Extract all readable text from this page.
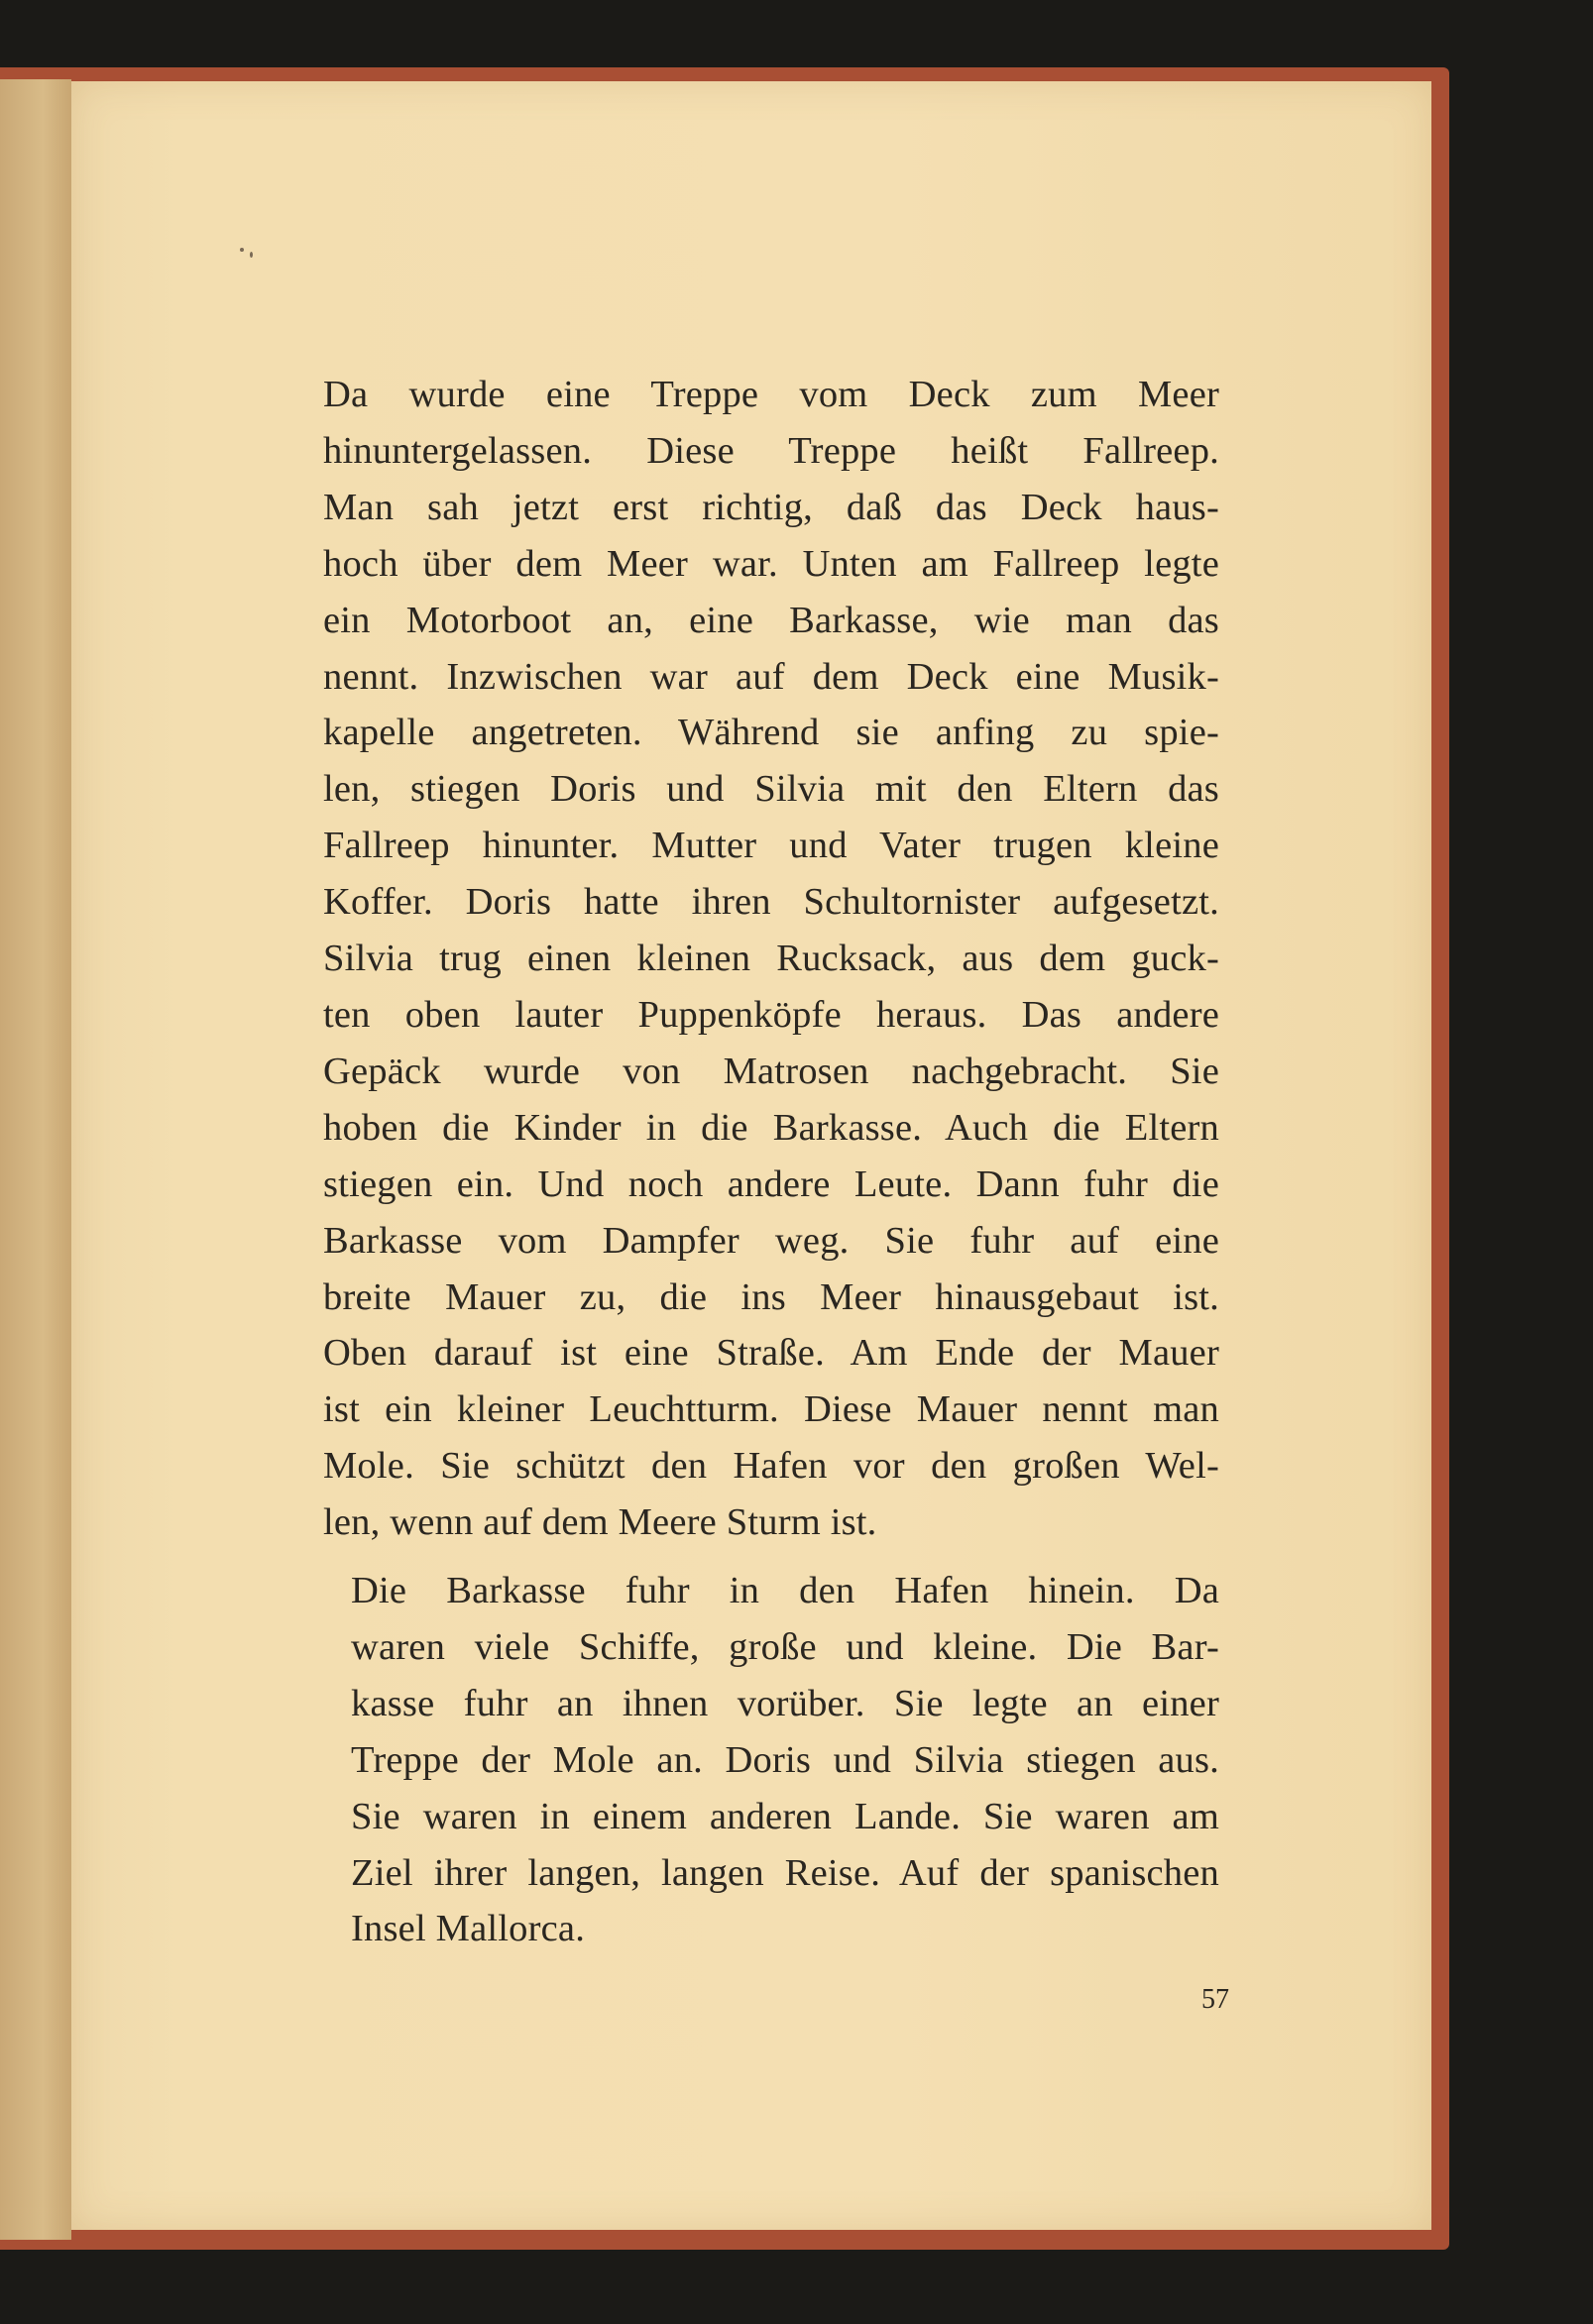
Da wurde eine Treppe vom Deck zum Meer
hinuntergelassen. Diese Treppe heißt Fallreep.
Man sah jetzt erst richtig, daß das Deck haus-
hoch über dem Meer war. Unten am Fallreep legte
ein Motorboot an, eine Barkasse, wie man das
nennt. Inzwischen war auf dem Deck eine Musik-
kapelle angetreten. Während sie anfing zu spie-
len, stiegen Doris und Silvia mit den Eltern das
Fallreep hinunter. Mutter und Vater trugen kleine
Koffer. Doris hatte ihren Schultornister aufgesetzt.
Silvia trug einen kleinen Rucksack, aus dem guck-
ten oben lauter Puppenköpfe heraus. Das andere
Gepäck wurde von Matrosen nachgebracht. Sie
hoben die Kinder in die Barkasse. Auch die Eltern
stiegen ein. Und noch andere Leute. Dann fuhr die
Barkasse vom Dampfer weg. Sie fuhr auf eine
breite Mauer zu, die ins Meer hinausgebaut ist.
Oben darauf ist eine Straße. Am Ende der Mauer
ist ein kleiner Leuchtturm. Diese Mauer nennt man
Mole. Sie schützt den Hafen vor den großen Wel-
len, wenn auf dem Meere Sturm ist.

Die Barkasse fuhr in den Hafen hinein. Da
waren viele Schiffe, große und kleine. Die Bar-
kasse fuhr an ihnen vorüber. Sie legte an einer
Treppe der Mole an. Doris und Silvia stiegen aus.
Sie waren in einem anderen Lande. Sie waren am
Ziel ihrer langen, langen Reise. Auf der spanischen
Insel Mallorca.

57
